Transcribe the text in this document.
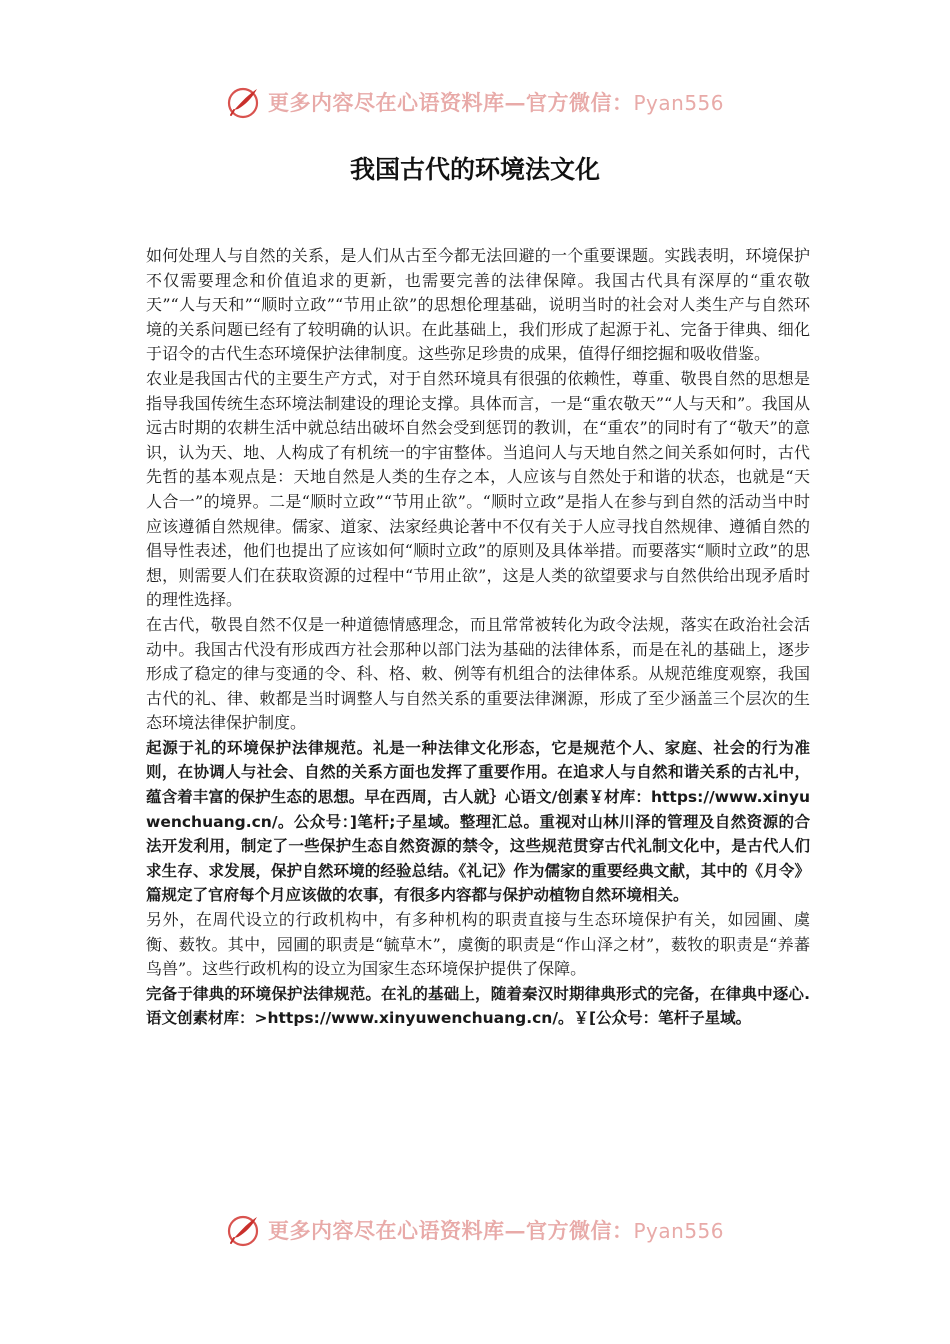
更多内容尽在心语资料库—官方微信：Pyan556
我国古代的环境法文化

如何处理人与自然的关系，是人们从古至今都无法回避的一个重要课题。实践表明，环境保护不仅需要理念和价值追求的更新，也需要完善的法律保障。我国古代具有深厚的“重农敬天”“人与天和”“顺时立政”“节用止欲”的思想伦理基础，说明当时的社会对人类生产与自然环境的关系问题已经有了较明确的认识。在此基础上，我们形成了起源于礼、完备于律典、细化于诏令的古代生态环境保护法律制度。这些弥足珍贵的成果，值得仔细挖掘和吸收借鉴。

农业是我国古代的主要生产方式，对于自然环境具有很强的依赖性，尊重、敬畏自然的思想是指导我国传统生态环境法制建设的理论支撑。具体而言，一是“重农敬天”“人与天和”。我国从远古时期的农耕生活中就总结出破坏自然会受到惩罚的教训，在“重农”的同时有了“敬天”的意识，认为天、地、人构成了有机统一的宇宙整体。当追问人与天地自然之间关系如何时，古代先哲的基本观点是：天地自然是人类的生存之本，人应该与自然处于和谐的状态，也就是“天人合一”的境界。二是“顺时立政”“节用止欲”。“顺时立政”是指人在参与到自然的活动当中时应该遵循自然规律。儒家、道家、法家经典论著中不仅有关于人应寻找自然规律、遵循自然的倡导性表述，他们也提出了应该如何“顺时立政”的原则及具体举措。而要落实“顺时立政”的思想，则需要人们在获取资源的过程中“节用止欲”，这是人类的欲望要求与自然供给出现矛盾时的理性选择。

在古代，敬畏自然不仅是一种道德情感理念，而且常常被转化为政令法规，落实在政治社会活动中。我国古代没有形成西方社会那种以部门法为基础的法律体系，而是在礼的基础上，逐步形成了稳定的律与变通的令、科、格、敕、例等有机组合的法律体系。从规范维度观察，我国古代的礼、律、敕都是当时调整人与自然关系的重要法律渊源，形成了至少涵盖三个层次的生态环境法律保护制度。

起源于礼的环境保护法律规范。礼是一种法律文化形态，它是规范个人、家庭、社会的行为准则，在协调人与社会、自然的关系方面也发挥了重要作用。在追求人与自然和谐关系的古礼中，蕴含着丰富的保护生态的思想。早在西周，古人就｝心语文/创素￥材库：https://www.xinyuwenchuang.cn/。公众号：]笔杆;子星域。整理汇总。重视对山林川泽的管理及自然资源的合法开发利用，制定了一些保护生态自然资源的禁令，这些规范贯穿古代礼制文化中，是古代人们求生存、求发展，保护自然环境的经验总结。《礼记》作为儒家的重要经典文献，其中的《月令》篇规定了官府每个月应该做的农事，有很多内容都与保护动植物自然环境相关。

另外，在周代设立的行政机构中，有多种机构的职责直接与生态环境保护有关，如园圃、虞衡、薮牧。其中，园圃的职责是“毓草木”，虞衡的职责是“作山泽之材”，薮牧的职责是“养蕃鸟兽”。这些行政机构的设立为国家生态环境保护提供了保障。

完备于律典的环境保护法律规范。在礼的基础上，随着秦汉时期律典形式的完备，在律典中逐心.语文创素材库：>https://www.xinyuwenchuang.cn/。￥[公众号：笔杆子星域。

更多内容尽在心语资料库—官方微信：Pyan556
